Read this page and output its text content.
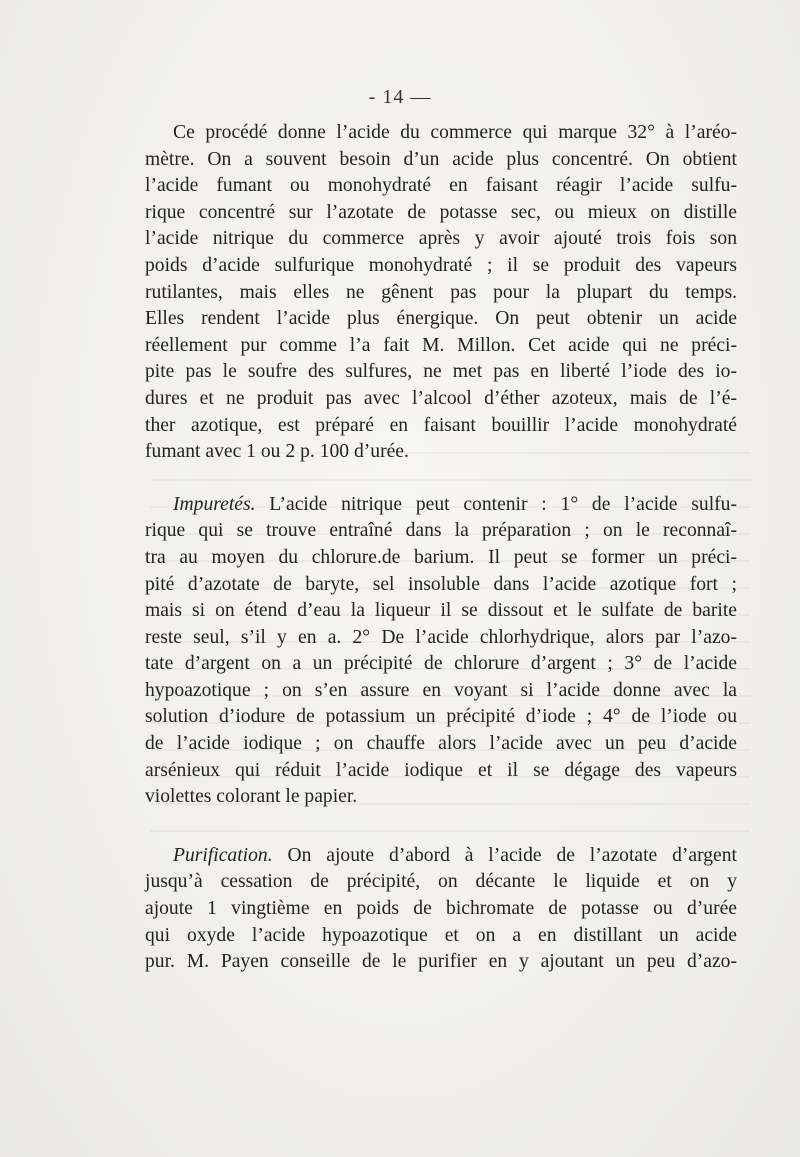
- 14 —

Ce procédé donne l’acide du commerce qui marque 32° à l’aréo-
mètre. On a souvent besoin d’un acide plus concentré. On obtient
l’acide fumant ou monohydraté en faisant réagir l’acide sulfu-
rique concentré sur l’azotate de potasse sec, ou mieux on distille
l’acide nitrique du commerce après y avoir ajouté trois fois son
poids d’acide sulfurique monohydraté ; il se produit des vapeurs
rutilantes, mais elles ne gênent pas pour la plupart du temps.
Elles rendent l’acide plus énergique. On peut obtenir un acide
réellement pur comme l’a fait M. Millon. Cet acide qui ne préci-
pite pas le soufre des sulfures, ne met pas en liberté l’iode des io-
dures et ne produit pas avec l’alcool d’éther azoteux, mais de l’é-
ther azotique, est préparé en faisant bouillir l’acide monohydraté
fumant avec 1 ou 2 p. 100 d’urée.

Impuretés. L’acide nitrique peut contenir : 1° de l’acide sulfu-
rique qui se trouve entraîné dans la préparation ; on le reconnaî-
tra au moyen du chlorure.de barium. Il peut se former un préci-
pité d’azotate de baryte, sel insoluble dans l’acide azotique fort ;
mais si on étend d’eau la liqueur il se dissout et le sulfate de barite
reste seul, s’il y en a. 2° De l’acide chlorhydrique, alors par l’azo-
tate d’argent on a un précipité de chlorure d’argent ; 3° de l’acide
hypoazotique ; on s’en assure en voyant si l’acide donne avec la
solution d’iodure de potassium un précipité d’iode ; 4° de l’iode ou
de l’acide iodique ; on chauffe alors l’acide avec un peu d’acide
arsénieux qui réduit l’acide iodique et il se dégage des vapeurs
violettes colorant le papier.

Purification. On ajoute d’abord à l’acide de l’azotate d’argent
jusqu’à cessation de précipité, on décante le liquide et on y
ajoute 1 vingtième en poids de bichromate de potasse ou d’urée
qui oxyde l’acide hypoazotique et on a en distillant un acide
pur. M. Payen conseille de le purifier en y ajoutant un peu d’azo-
